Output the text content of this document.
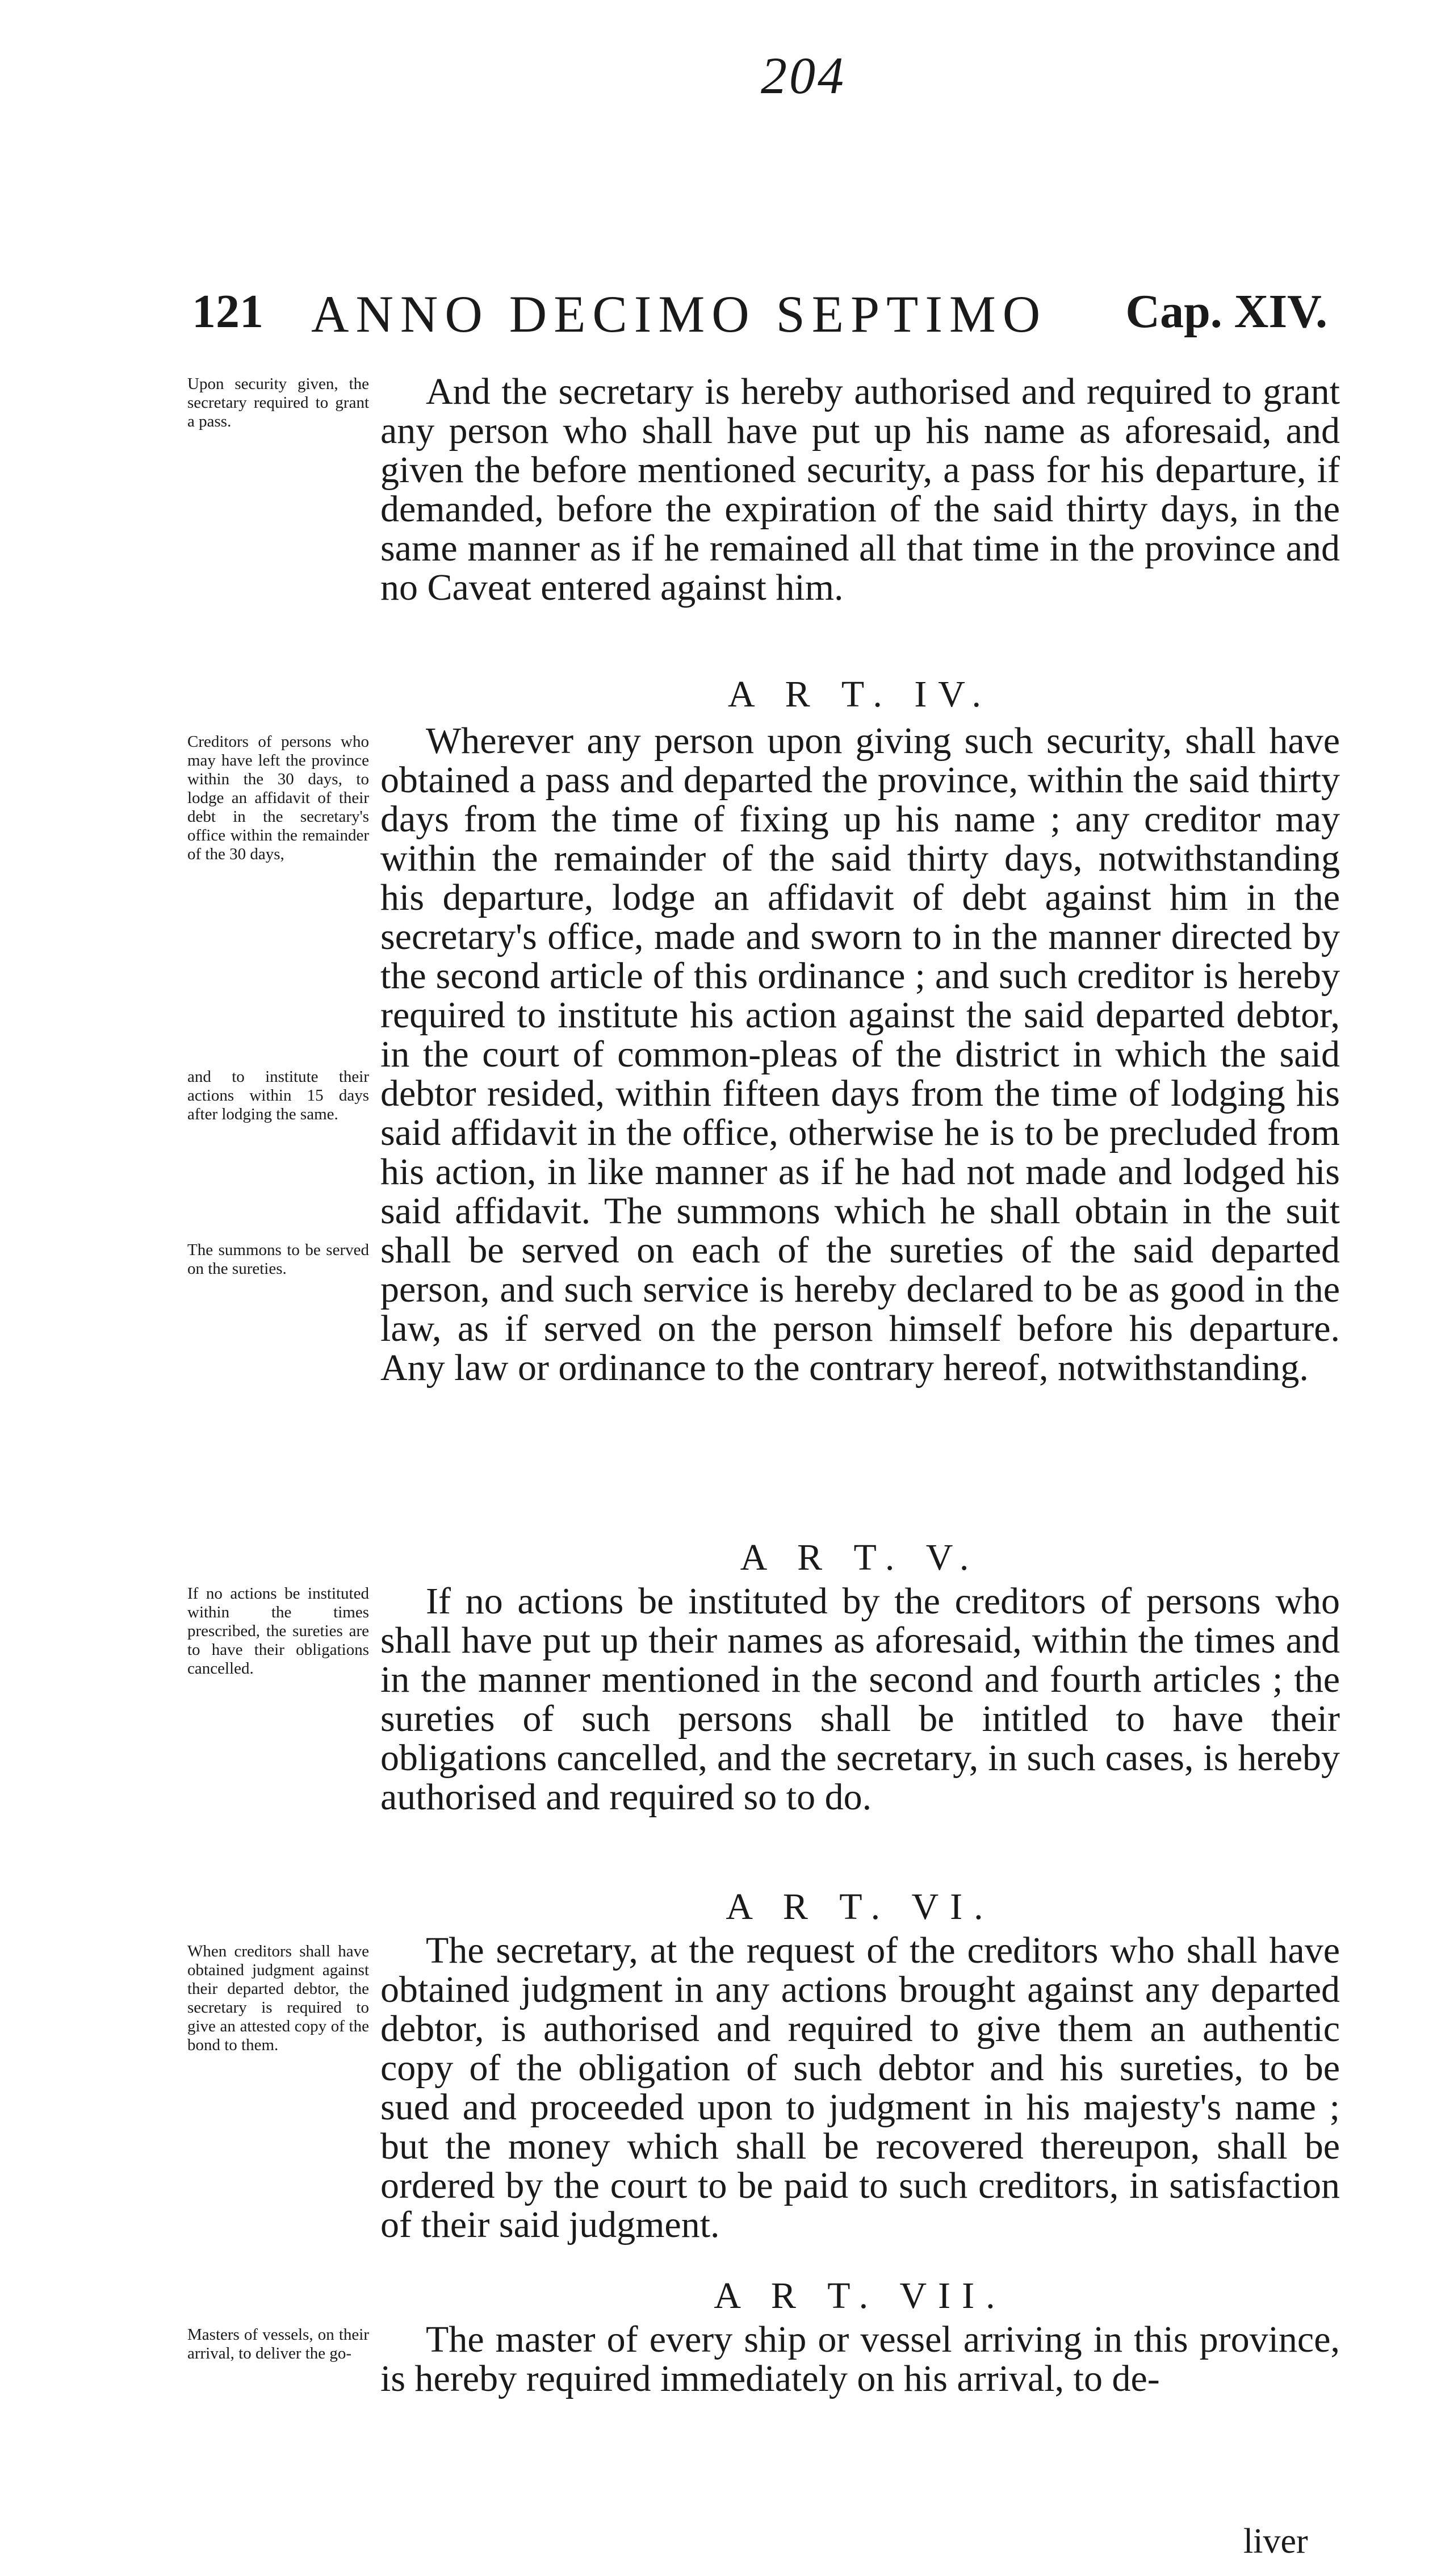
204
121 ANNO DECIMO SEPTIMO Cap. XIV.
Upon security given, the secretary required to grant a pass.
And the secretary is hereby authorised and required to grant any person who shall have put up his name as aforesaid, and given the before mentioned security, a pass for his departure, if demanded, before the expiration of the said thirty days, in the same manner as if he remained all that time in the province and no Caveat entered against him.
A R T. IV.
Creditors of persons who may have left the province within the 30 days, to lodge an affidavit of their debt in the secretary's office within the remainder of the 30 days,
and to institute their actions within 15 days after lodging the same.
The summons to be served on the sureties.
Wherever any person upon giving such security, shall have obtained a pass and departed the province, within the said thirty days from the time of fixing up his name ; any creditor may within the remainder of the said thirty days, notwithstanding his departure, lodge an affidavit of debt against him in the secretary's office, made and sworn to in the manner directed by the second article of this ordinance ; and such creditor is hereby required to institute his action against the said departed debtor, in the court of common-pleas of the district in which the said debtor resided, within fifteen days from the time of lodging his said affidavit in the office, otherwise he is to be precluded from his action, in like manner as if he had not made and lodged his said affidavit. The summons which he shall obtain in the suit shall be served on each of the sureties of the said departed person, and such service is hereby declared to be as good in the law, as if served on the person himself before his departure. Any law or ordinance to the contrary hereof, notwithstanding.
A R T. V.
If no actions be instituted within the times prescribed, the sureties are to have their obligations cancelled.
If no actions be instituted by the creditors of persons who shall have put up their names as aforesaid, within the times and in the manner mentioned in the second and fourth articles ; the sureties of such persons shall be intitled to have their obligations cancelled, and the secretary, in such cases, is hereby authorised and required so to do.
A R T. VI.
When creditors shall have obtained judgment against their departed debtor, the secretary is required to give an attested copy of the bond to them.
The secretary, at the request of the creditors who shall have obtained judgment in any actions brought against any departed debtor, is authorised and required to give them an authentic copy of the obligation of such debtor and his sureties, to be sued and proceeded upon to judgment in his majesty's name ; but the money which shall be recovered thereupon, shall be ordered by the court to be paid to such creditors, in satisfaction of their said judgment.
A R T. VII.
Masters of vessels, on their arrival, to deliver the go-	The master of every ship or vessel arriving in this province, is hereby required immediately on his arrival, to de-
liver
